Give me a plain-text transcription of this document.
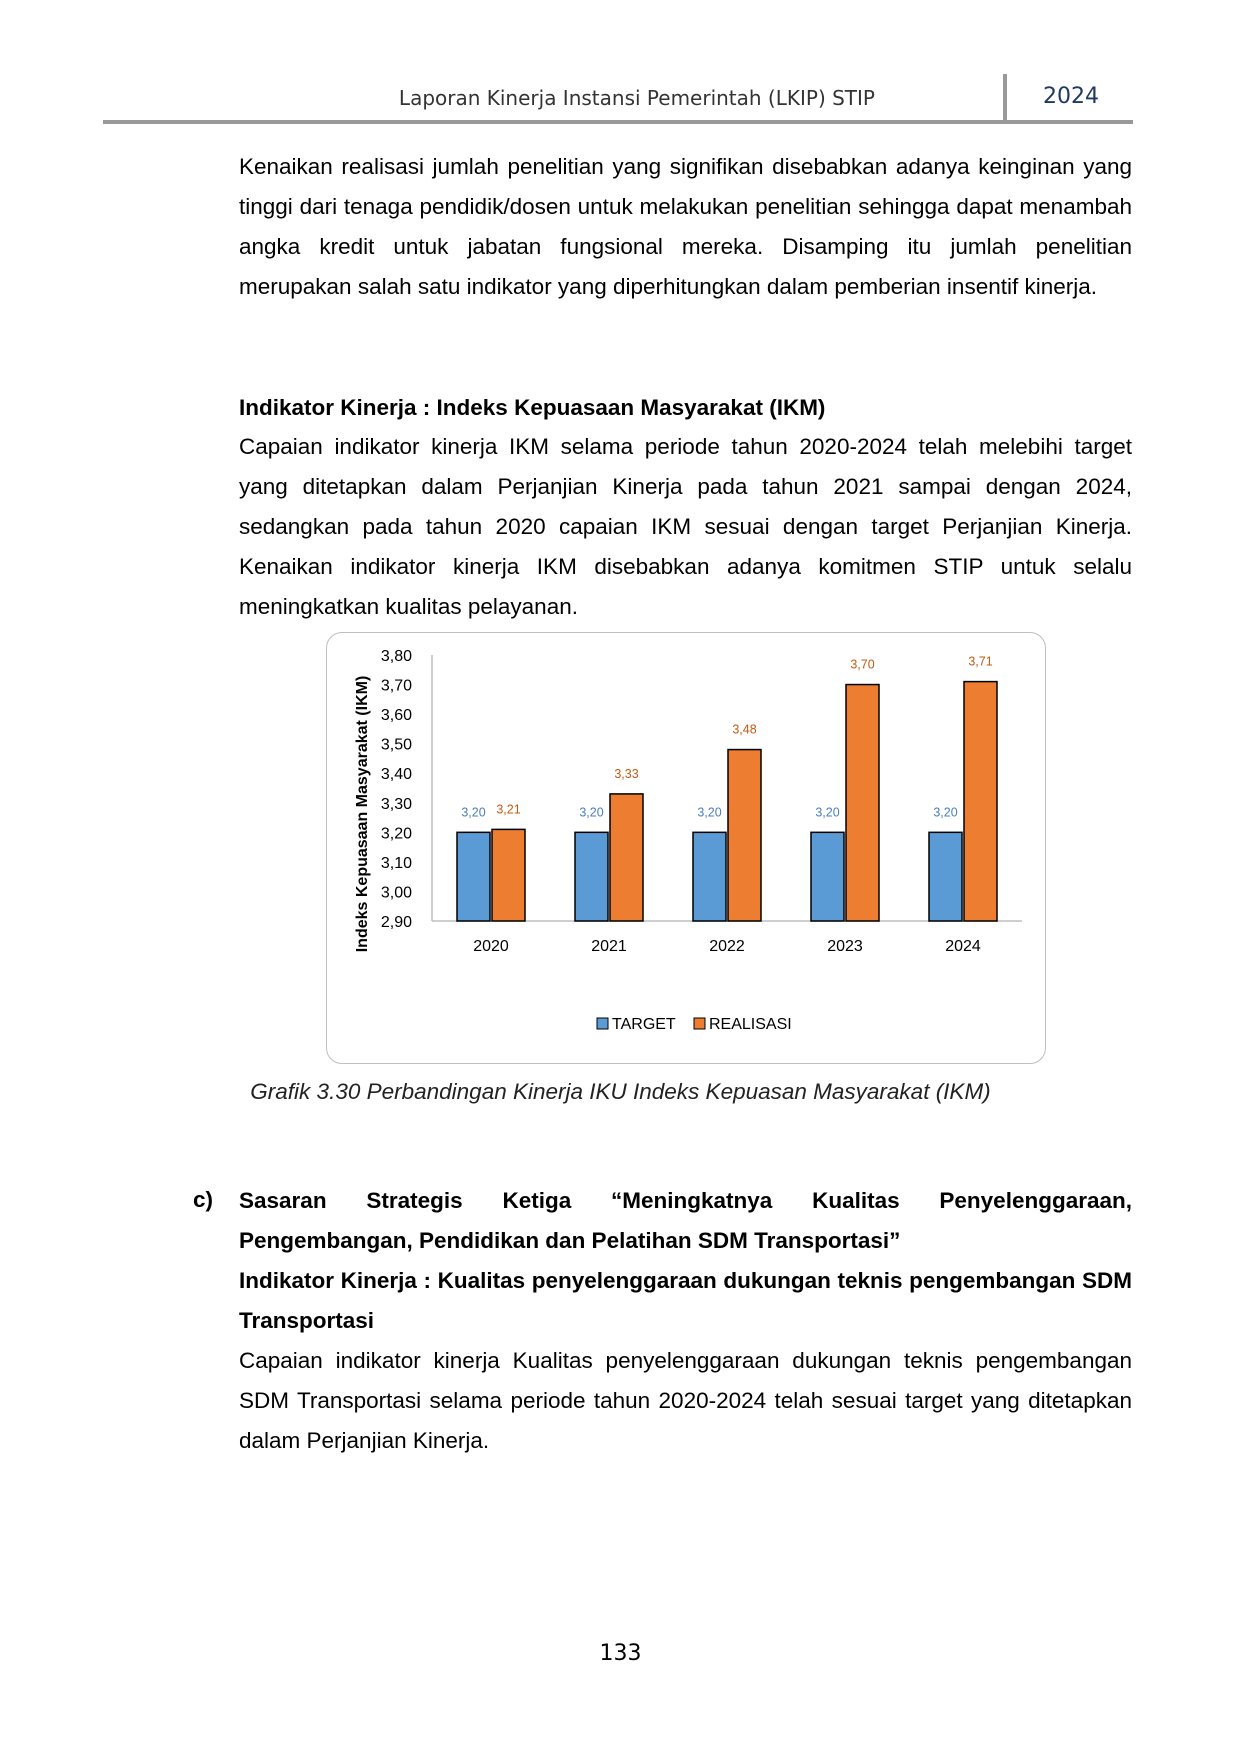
Laporan Kinerja Instansi Pemerintah (LKIP) STIP	2024

Kenaikan realisasi jumlah penelitian yang signifikan disebabkan adanya keinginan yang tinggi dari tenaga pendidik/dosen untuk melakukan penelitian sehingga dapat menambah angka kredit untuk jabatan fungsional mereka. Disamping itu jumlah penelitian merupakan salah satu indikator yang diperhitungkan dalam pemberian insentif kinerja.

Indikator Kinerja : Indeks Kepuasaan Masyarakat (IKM)

Capaian indikator kinerja IKM selama periode tahun 2020-2024 telah melebihi target yang ditetapkan dalam Perjanjian Kinerja pada tahun 2021 sampai dengan 2024, sedangkan pada tahun 2020 capaian IKM sesuai dengan target Perjanjian Kinerja. Kenaikan indikator kinerja IKM disebabkan adanya komitmen STIP untuk selalu meningkatkan kualitas pelayanan.

2,90
3,00
3,10
3,20
3,30
3,40
3,50
3,60
3,70
3,80
Indeks Kepuasaan Masyarakat (IKM)	3,20 3,21
2020
3,20
3,33
2021
3,20
3,48
2022
3,20
3,70
2023
3,20
3,71
2024
TARGET REALISASI
Grafik 3.30 Perbandingan Kinerja IKU Indeks Kepuasan Masyarakat (IKM)
c) Sasaran Strategis Ketiga “Meningkatnya Kualitas Penyelenggaraan, Pengembangan, Pendidikan dan Pelatihan SDM Transportasi”

Indikator Kinerja : Kualitas penyelenggaraan dukungan teknis pengembangan SDM Transportasi

Capaian indikator kinerja Kualitas penyelenggaraan dukungan teknis pengembangan SDM Transportasi selama periode tahun 2020-2024 telah sesuai target yang ditetapkan dalam Perjanjian Kinerja.

133
